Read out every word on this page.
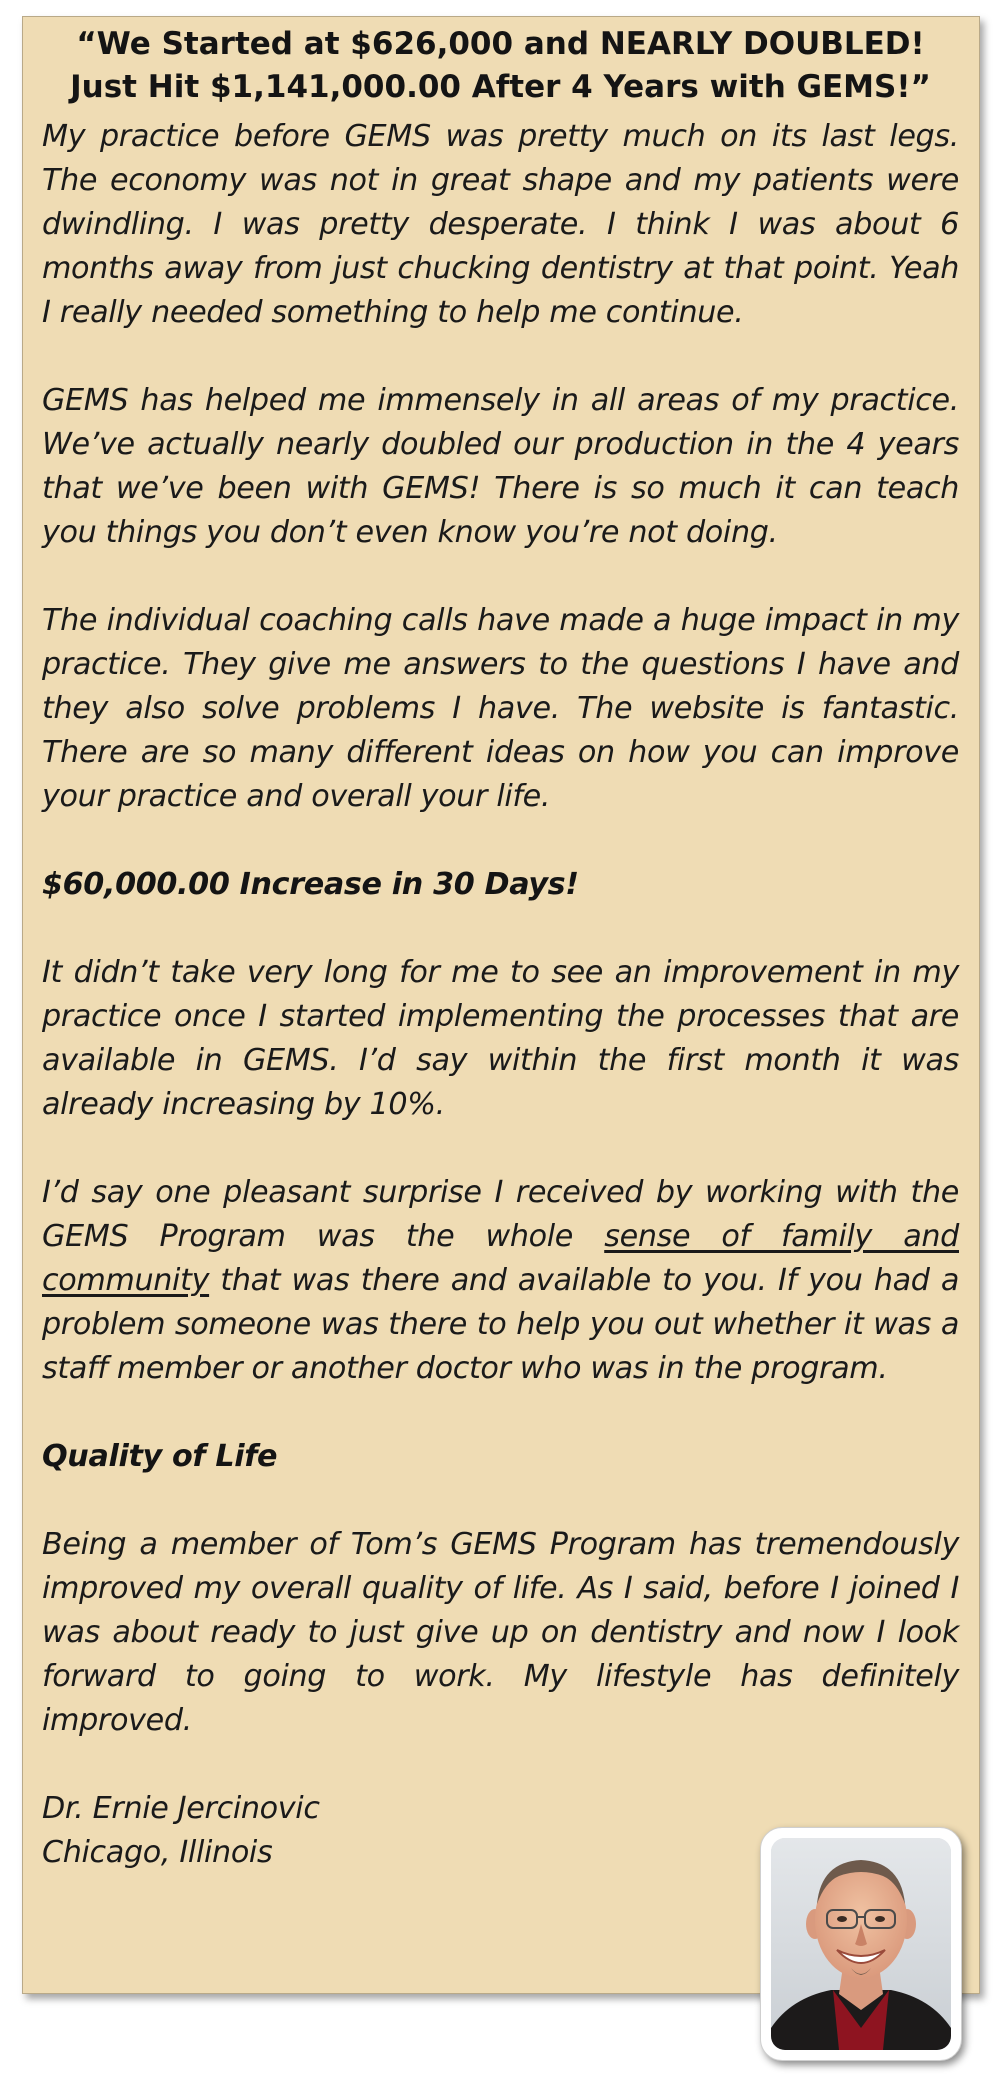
“We Started at $626,000 and NEARLY DOUBLED!
Just Hit $1,141,000.00 After 4 Years with GEMS!”

My practice before GEMS was pretty much on its last legs. The economy was not in great shape and my patients were dwindling. I was pretty desperate. I think I was about 6 months away from just chucking dentistry at that point. Yeah I really needed something to help me continue.

GEMS has helped me immensely in all areas of my practice. We’ve actually nearly doubled our production in the 4 years that we’ve been with GEMS! There is so much it can teach you things you don’t even know you’re not doing.

The individual coaching calls have made a huge impact in my practice. They give me answers to the questions I have and they also solve problems I have. The website is fantastic. There are so many different ideas on how you can improve your practice and overall your life.

$60,000.00 Increase in 30 Days!

It didn’t take very long for me to see an improvement in my practice once I started implementing the processes that are available in GEMS. I’d say within the first month it was already increasing by 10%.

I’d say one pleasant surprise I received by working with the GEMS Program was the whole sense of family and community that was there and available to you. If you had a problem someone was there to help you out whether it was a staff member or another doctor who was in the program.

Quality of Life

Being a member of Tom’s GEMS Program has tremendously improved my overall quality of life. As I said, before I joined I was about ready to just give up on dentistry and now I look forward to going to work. My lifestyle has definitely improved.

Dr. Ernie Jercinovic
Chicago, Illinois
